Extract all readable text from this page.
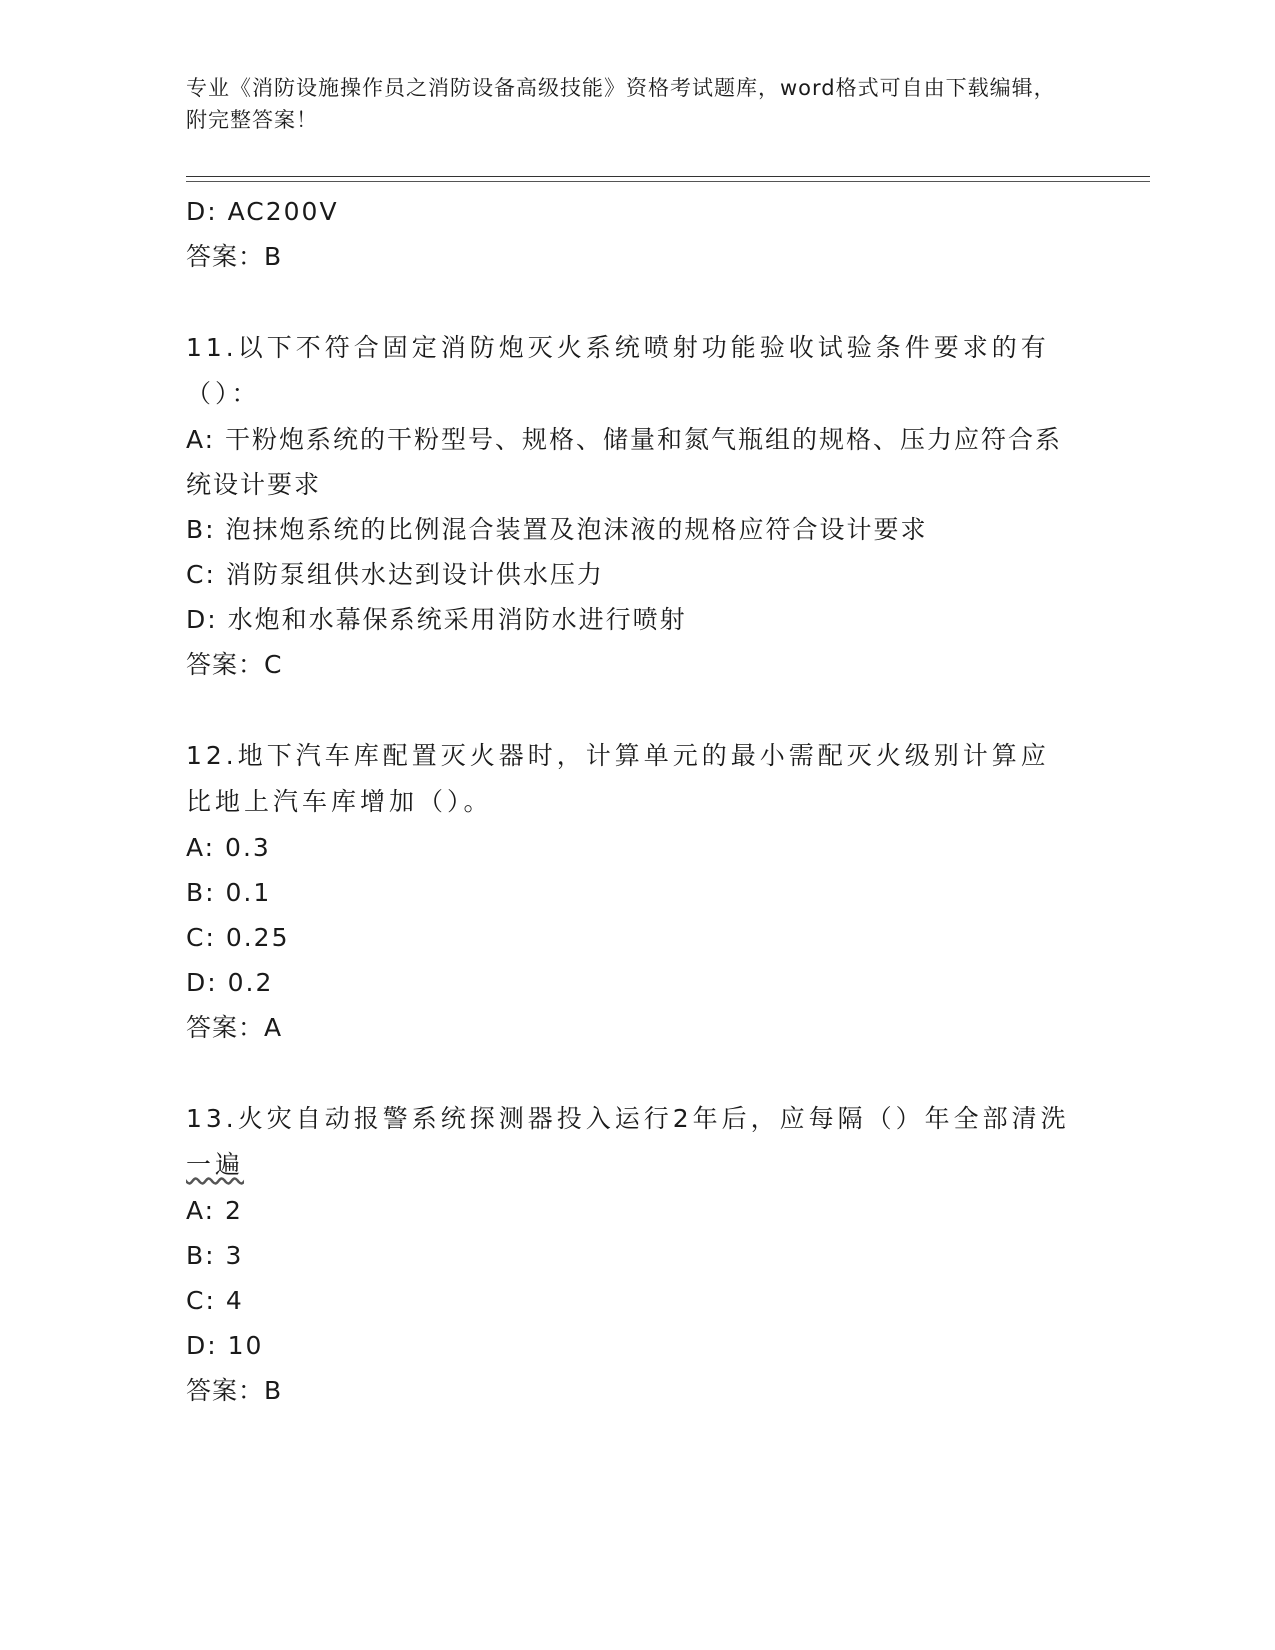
专业《消防设施操作员之消防设备高级技能》资格考试题库，word格式可自由下载编辑，附完整答案！
D: AC200V
答案：B
11.以下不符合固定消防炮灭火系统喷射功能验收试验条件要求的有（）：
A: 干粉炮系统的干粉型号、规格、储量和氮气瓶组的规格、压力应符合系统设计要求
B: 泡抹炮系统的比例混合装置及泡沫液的规格应符合设计要求
C: 消防泵组供水达到设计供水压力
D: 水炮和水幕保系统采用消防水进行喷射
答案：C
12.地下汽车库配置灭火器时，计算单元的最小需配灭火级别计算应比地上汽车库增加（）。
A: 0.3
B: 0.1
C: 0.25
D: 0.2
答案：A
13.火灾自动报警系统探测器投入运行2年后，应每隔（）年全部清洗一遍
A: 2
B: 3
C: 4
D: 10
答案：B
